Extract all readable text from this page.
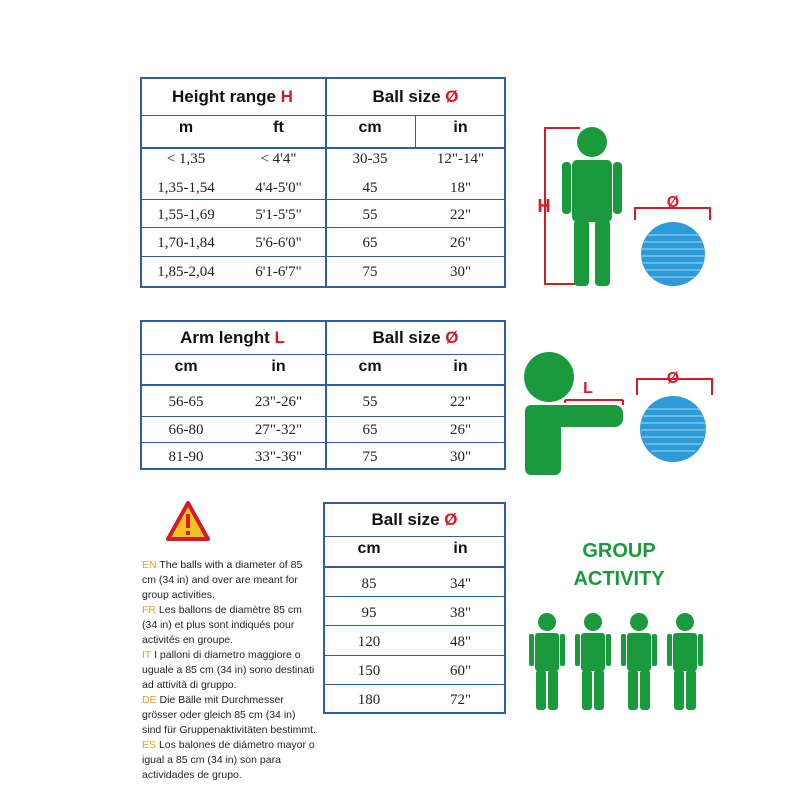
Height range H	Ball size Ø
m	ft	cm	in
< 1,35	< 4'4"	30-35	12"-14"
1,35-1,54	4'4-5'0"	45	18"
1,55-1,69	5'1-5'5"	55	22"
1,70-1,84	5'6-6'0"	65	26"
1,85-2,04	6'1-6'7"	75	30"
Arm lenght L	Ball size Ø
cm	in	cm	in
56-65	23"-26"	55	22"
66-80	27"-32"	65	26"
81-90	33"-36"	75	30"
Ball size Ø
cm	in
85	34"
95	38"
120	48"
150	60"
180	72"
EN The balls with a diameter of 85 cm (34 in) and over are meant for group activities.
FR Les ballons de diamètre 85 cm (34 in) et plus sont indiqués pour activités en groupe.
IT I palloni di diametro maggiore o uguale a 85 cm (34 in) sono destinati ad attività di gruppo.
DE Die Bälle mit Durchmesser grösser oder gleich 85 cm (34 in) sind für Gruppenaktivitäten bestimmt.
ES Los balones de diámetro mayor o igual a 85 cm (34 in) son para actividades de grupo.
H	Ø
L
Ø
GROUP
ACTIVITY
